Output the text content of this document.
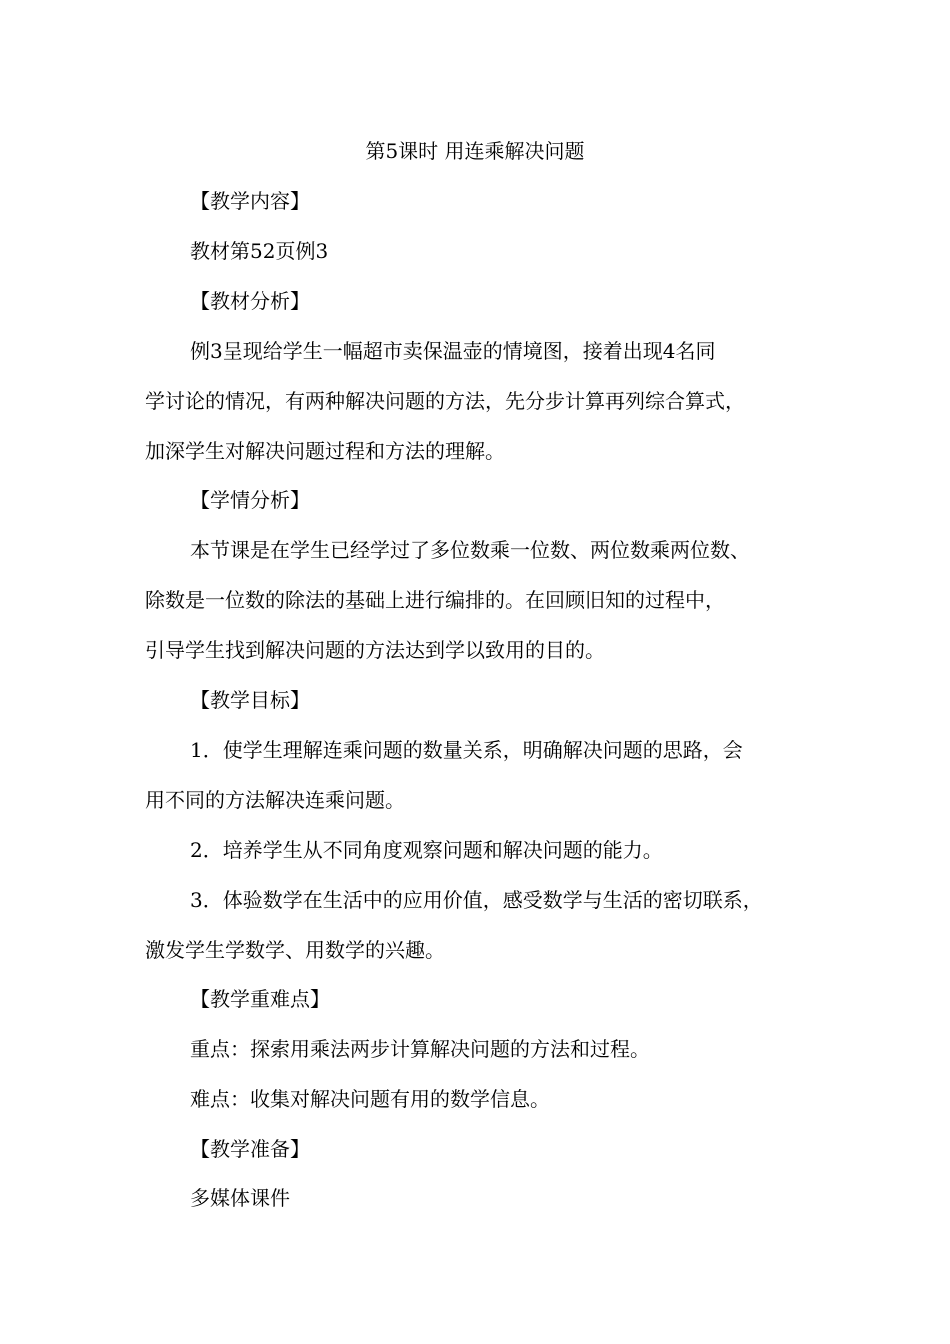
第5课时 用连乘解决问题
【教学内容】
教材第52页例3
【教材分析】
例3呈现给学生一幅超市卖保温壶的情境图，接着出现4名同
学讨论的情况，有两种解决问题的方法，先分步计算再列综合算式，
加深学生对解决问题过程和方法的理解。
【学情分析】
本节课是在学生已经学过了多位数乘一位数、两位数乘两位数、
除数是一位数的除法的基础上进行编排的。在回顾旧知的过程中，
引导学生找到解决问题的方法达到学以致用的目的。
【教学目标】
1．使学生理解连乘问题的数量关系，明确解决问题的思路，会
用不同的方法解决连乘问题。
2．培养学生从不同角度观察问题和解决问题的能力。
3．体验数学在生活中的应用价值，感受数学与生活的密切联系，
激发学生学数学、用数学的兴趣。
【教学重难点】
重点：探索用乘法两步计算解决问题的方法和过程。
难点：收集对解决问题有用的数学信息。
【教学准备】
多媒体课件
